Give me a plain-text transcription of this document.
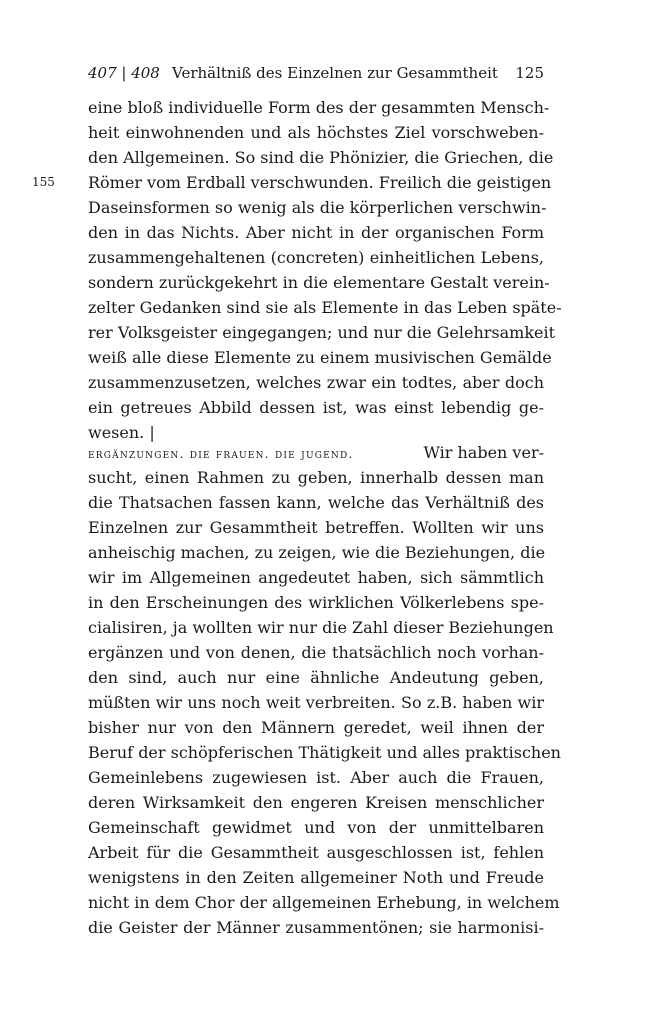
407 | 408 Verhältniß des Einzelnen zur Gesammtheit 125
155
eine bloß individuelle Form des der gesammten Mensch-
heit einwohnenden und als höchstes Ziel vorschweben-
den Allgemeinen. So sind die Phönizier, die Griechen, die
Römer vom Erdball verschwunden. Freilich die geistigen
Daseinsformen so wenig als die körperlichen verschwin-
den in das Nichts. Aber nicht in der organischen Form
zusammengehaltenen (concreten) einheitlichen Lebens,
sondern zurückgekehrt in die elementare Gestalt verein-
zelter Gedanken sind sie als Elemente in das Leben späte-
rer Volksgeister eingegangen; und nur die Gelehrsamkeit
weiß alle diese Elemente zu einem musivischen Gemälde
zusammenzusetzen, welches zwar ein todtes, aber doch
ein getreues Abbild dessen ist, was einst lebendig ge-
wesen. |
ergänzungen. die frauen. die jugend.	Wir haben ver-
sucht, einen Rahmen zu geben, innerhalb dessen man
die Thatsachen fassen kann, welche das Verhältniß des
Einzelnen zur Gesammtheit betreffen. Wollten wir uns
anheischig machen, zu zeigen, wie die Beziehungen, die
wir im Allgemeinen angedeutet haben, sich sämmtlich
in den Erscheinungen des wirklichen Völkerlebens spe-
cialisiren, ja wollten wir nur die Zahl dieser Beziehungen
ergänzen und von denen, die thatsächlich noch vorhan-
den sind, auch nur eine ähnliche Andeutung geben,
müßten wir uns noch weit verbreiten. So z.B. haben wir
bisher nur von den Männern geredet, weil ihnen der
Beruf der schöpferischen Thätigkeit und alles praktischen
Gemeinlebens zugewiesen ist. Aber auch die Frauen,
deren Wirksamkeit den engeren Kreisen menschlicher
Gemeinschaft gewidmet und von der unmittelbaren
Arbeit für die Gesammtheit ausgeschlossen ist, fehlen
wenigstens in den Zeiten allgemeiner Noth und Freude
nicht in dem Chor der allgemeinen Erhebung, in welchem
die Geister der Männer zusammentönen; sie harmonisi-
